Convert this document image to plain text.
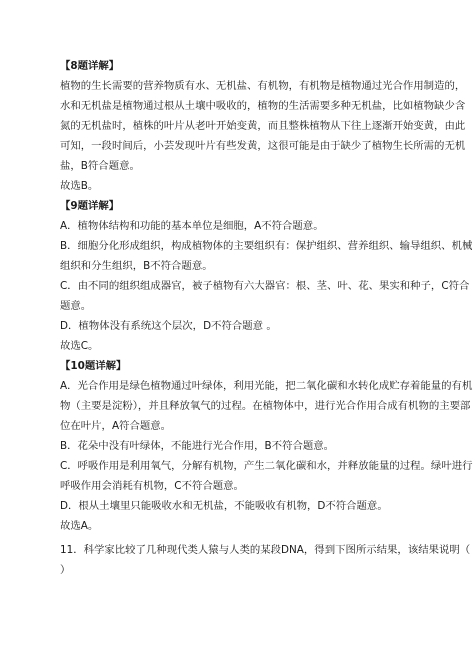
【8题详解】
植物的生长需要的营养物质有水、无机盐、有机物，有机物是植物通过光合作用制造的，
水和无机盐是植物通过根从土壤中吸收的，植物的生活需要多种无机盐，比如植物缺少含
氮的无机盐时，植株的叶片从老叶开始变黄，而且整株植物从下往上逐渐开始变黄，由此
可知，一段时间后，小芸发现叶片有些发黄，这很可能是由于缺少了植物生长所需的无机
盐，B符合题意。
故选B。
【9题详解】
A．植物体结构和功能的基本单位是细胞，A不符合题意。
B．细胞分化形成组织，构成植物体的主要组织有：保护组织、营养组织、输导组织、机械
组织和分生组织，B不符合题意。
C．由不同的组织组成器官，被子植物有六大器官：根、茎、叶、花、果实和种子，C符合
题意。
D．植物体没有系统这个层次，D不符合题意 。
故选C。
【10题详解】
A．光合作用是绿色植物通过叶绿体，利用光能，把二氧化碳和水转化成贮存着能量的有机
物（主要是淀粉），并且释放氧气的过程。在植物体中，进行光合作用合成有机物的主要部
位在叶片，A符合题意。
B．花朵中没有叶绿体，不能进行光合作用，B不符合题意。
C．呼吸作用是利用氧气，分解有机物，产生二氧化碳和水，并释放能量的过程。绿叶进行
呼吸作用会消耗有机物，C不符合题意。
D．根从土壤里只能吸收水和无机盐，不能吸收有机物，D不符合题意。
故选A。
11．科学家比较了几种现代类人猿与人类的某段DNA，得到下图所示结果，该结果说明（
）
